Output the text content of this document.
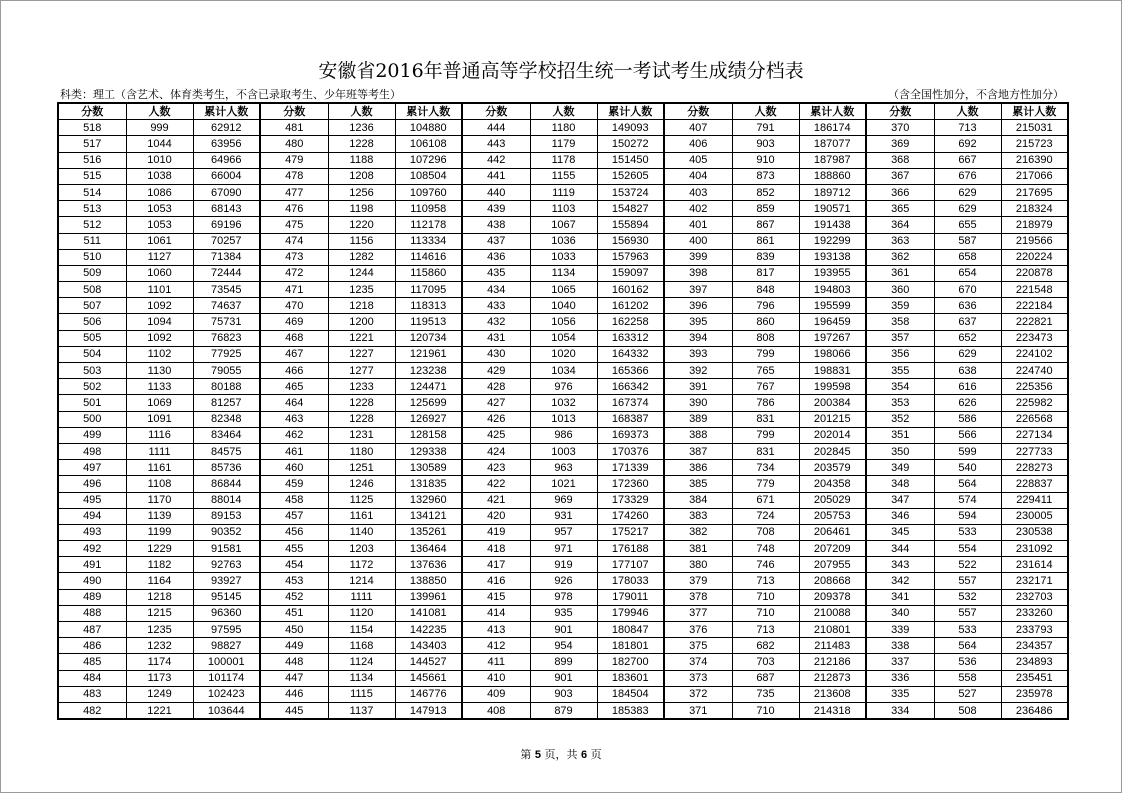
安徽省2016年普通高等学校招生统一考试考生成绩分档表
科类：理工（含艺术、体育类考生，不含已录取考生、少年班等考生）	（含全国性加分，不含地方性加分）
分数	人数	累计人数	分数	人数	累计人数	分数	人数	累计人数	分数	人数	累计人数	分数	人数	累计人数
518	999	62912	481	1236	104880	444	1180	149093	407	791	186174	370	713	215031
517	1044	63956	480	1228	106108	443	1179	150272	406	903	187077	369	692	215723
516	1010	64966	479	1188	107296	442	1178	151450	405	910	187987	368	667	216390
515	1038	66004	478	1208	108504	441	1155	152605	404	873	188860	367	676	217066
514	1086	67090	477	1256	109760	440	1119	153724	403	852	189712	366	629	217695
513	1053	68143	476	1198	110958	439	1103	154827	402	859	190571	365	629	218324
512	1053	69196	475	1220	112178	438	1067	155894	401	867	191438	364	655	218979
511	1061	70257	474	1156	113334	437	1036	156930	400	861	192299	363	587	219566
510	1127	71384	473	1282	114616	436	1033	157963	399	839	193138	362	658	220224
509	1060	72444	472	1244	115860	435	1134	159097	398	817	193955	361	654	220878
508	1101	73545	471	1235	117095	434	1065	160162	397	848	194803	360	670	221548
507	1092	74637	470	1218	118313	433	1040	161202	396	796	195599	359	636	222184
506	1094	75731	469	1200	119513	432	1056	162258	395	860	196459	358	637	222821
505	1092	76823	468	1221	120734	431	1054	163312	394	808	197267	357	652	223473
504	1102	77925	467	1227	121961	430	1020	164332	393	799	198066	356	629	224102
503	1130	79055	466	1277	123238	429	1034	165366	392	765	198831	355	638	224740
502	1133	80188	465	1233	124471	428	976	166342	391	767	199598	354	616	225356
501	1069	81257	464	1228	125699	427	1032	167374	390	786	200384	353	626	225982
500	1091	82348	463	1228	126927	426	1013	168387	389	831	201215	352	586	226568
499	1116	83464	462	1231	128158	425	986	169373	388	799	202014	351	566	227134
498	1111	84575	461	1180	129338	424	1003	170376	387	831	202845	350	599	227733
497	1161	85736	460	1251	130589	423	963	171339	386	734	203579	349	540	228273
496	1108	86844	459	1246	131835	422	1021	172360	385	779	204358	348	564	228837
495	1170	88014	458	1125	132960	421	969	173329	384	671	205029	347	574	229411
494	1139	89153	457	1161	134121	420	931	174260	383	724	205753	346	594	230005
493	1199	90352	456	1140	135261	419	957	175217	382	708	206461	345	533	230538
492	1229	91581	455	1203	136464	418	971	176188	381	748	207209	344	554	231092
491	1182	92763	454	1172	137636	417	919	177107	380	746	207955	343	522	231614
490	1164	93927	453	1214	138850	416	926	178033	379	713	208668	342	557	232171
489	1218	95145	452	1111	139961	415	978	179011	378	710	209378	341	532	232703
488	1215	96360	451	1120	141081	414	935	179946	377	710	210088	340	557	233260
487	1235	97595	450	1154	142235	413	901	180847	376	713	210801	339	533	233793
486	1232	98827	449	1168	143403	412	954	181801	375	682	211483	338	564	234357
485	1174	100001	448	1124	144527	411	899	182700	374	703	212186	337	536	234893
484	1173	101174	447	1134	145661	410	901	183601	373	687	212873	336	558	235451
483	1249	102423	446	1115	146776	409	903	184504	372	735	213608	335	527	235978
482	1221	103644	445	1137	147913	408	879	185383	371	710	214318	334	508	236486
第 5 页，共 6 页
